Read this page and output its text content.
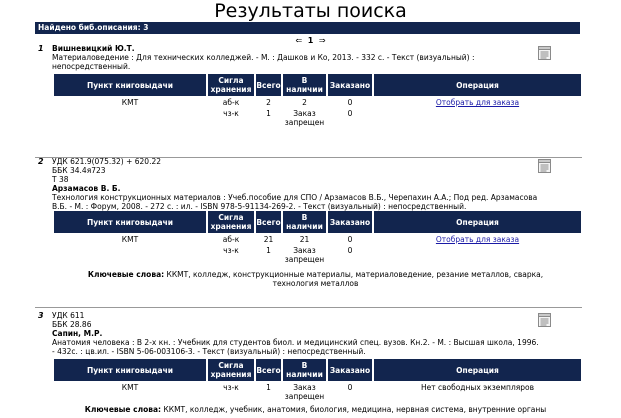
Результаты поиска
Найдено биб.описания: 3
⇐ 1 ⇒
1 Вишневицкий Ю.Т.
Материаловедение : Для технических колледжей. - М. : Дашков и Ко, 2013. - 332 с. - Текст (визуальный) :
непосредственный.
Пункт книговыдачи	Сигла хранения	Всего	В наличии	Заказано	Операция
КМТ	аб-к	2	2	0	Отобрать для заказа
	чз-к	1	Заказ запрещен	0	
2 УДК 621.9(075.32) + 620.22
ББК 34.4я723
Т 38
Арзамасов В. Б.
Технология конструкционных материалов : Учеб.пособие для СПО / Арзамасов В.Б., Черепахин А.А.; Под ред. Арзамасова
В.Б. - М. : Форум, 2008. - 272 с. : ил. - ISBN 978-5-91134-269-2. - Текст (визуальный) : непосредственный.
Пункт книговыдачи	Сигла хранения	Всего	В наличии	Заказано	Операция
КМТ	аб-к	21	21	0	Отобрать для заказа
	чз-к	1	Заказ запрещен	0	
Ключевые слова: ККМТ, колледж, конструкционные материалы, материаловедение, резание металлов, сварка,
технология металлов
3 УДК 611
ББК 28.86
Сапин, М.Р.
Анатомия человека : В 2-х кн. : Учебник для студентов биол. и медицинский спец. вузов. Кн.2. - М. : Высшая школа, 1996.
- 432с. : цв.ил. - ISBN 5-06-003106-3. - Текст (визуальный) : непосредственный.
Пункт книговыдачи	Сигла хранения	Всего	В наличии	Заказано	Операция
КМТ	чз-к	1	Заказ запрещен	0	Нет свободных экземпляров
Ключевые слова: ККМТ, колледж, учебник, анатомия, биология, медицина, нервная система, внутренние органы
